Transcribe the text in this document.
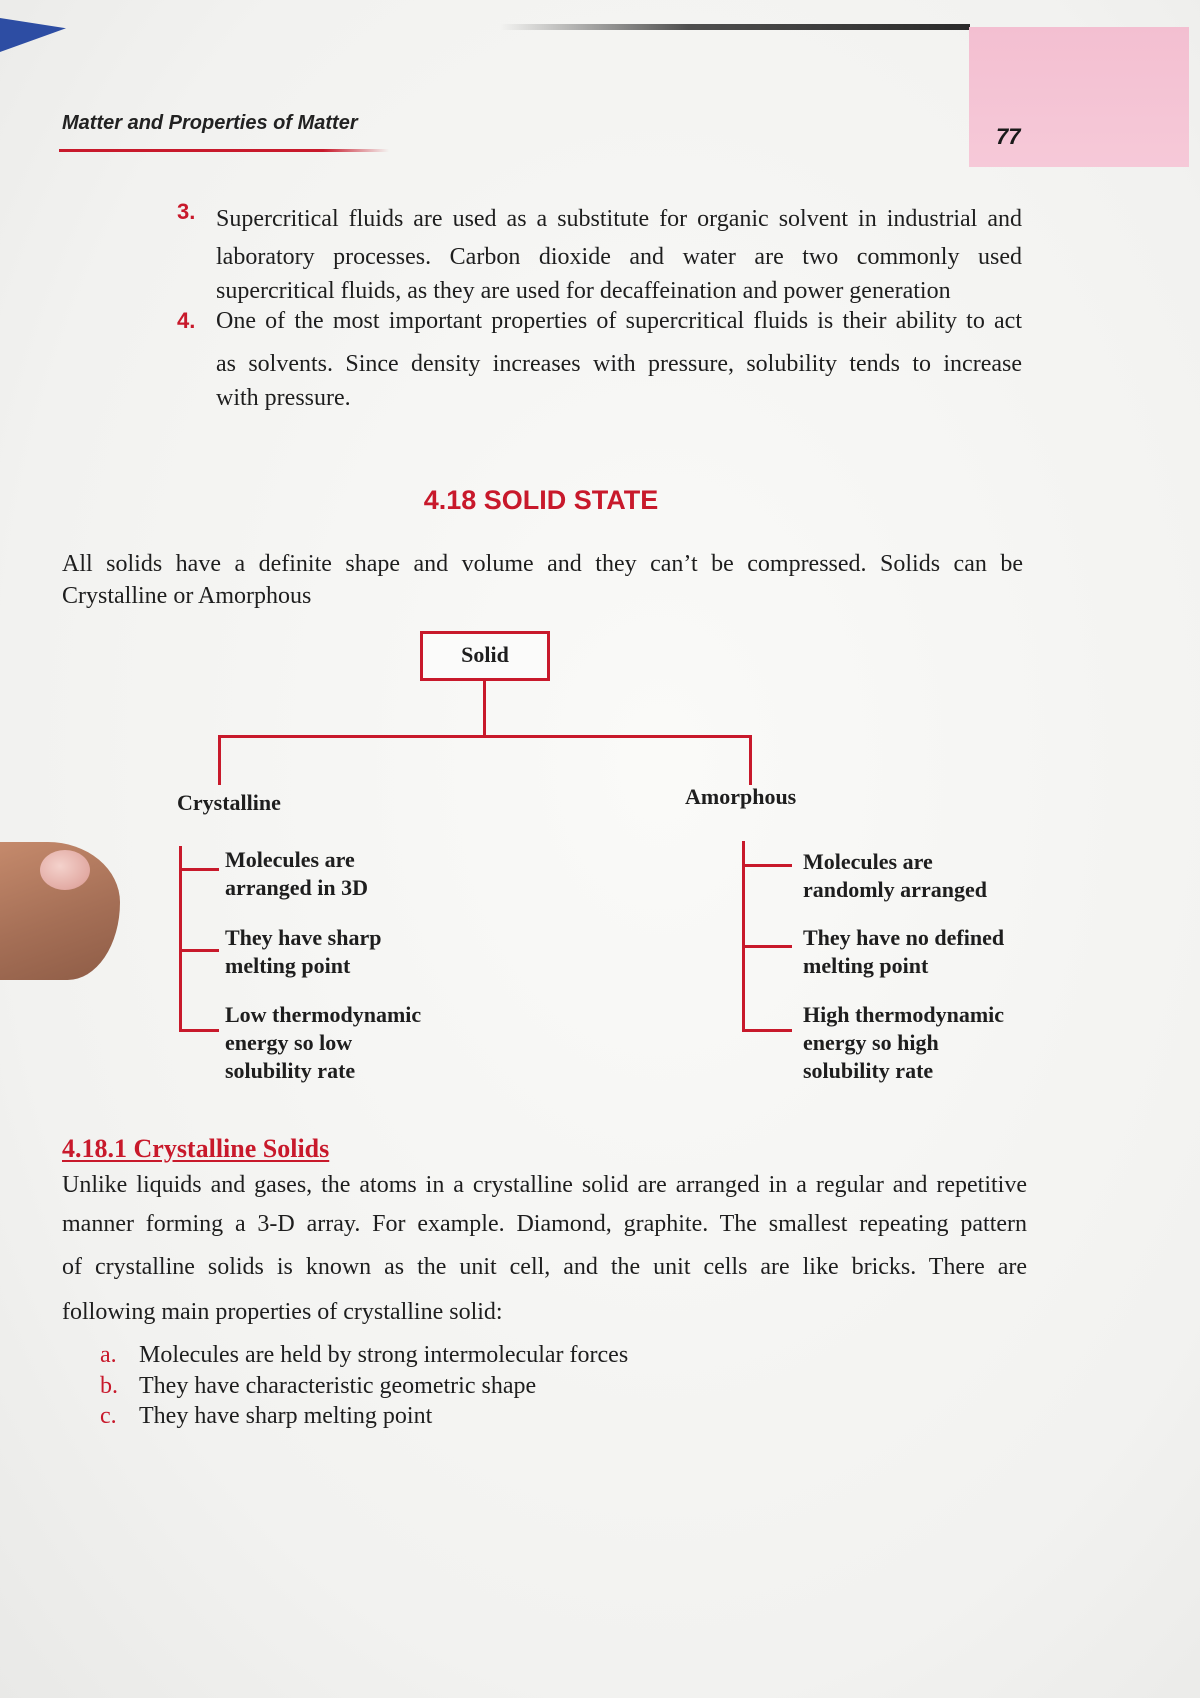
Matter and Properties of Matter
77
3. Supercritical fluids are used as a substitute for organic solvent in industrial and
laboratory processes. Carbon dioxide and water are two commonly used
supercritical fluids, as they are used for decaffeination and power generation
4. One of the most important properties of supercritical fluids is their ability to act
as solvents. Since density increases with pressure, solubility tends to increase
with pressure.
4.18 SOLID STATE
All solids have a definite shape and volume and they can’t be compressed. Solids can be
Crystalline or Amorphous
Solid
Crystalline
Molecules are
arranged in 3D
They have sharp
melting point
Low thermodynamic
energy so low
solubility rate
Amorphous
Molecules are
randomly arranged
They have no defined
melting point
High thermodynamic
energy so high
solubility rate
4.18.1 Crystalline Solids
Unlike liquids and gases, the atoms in a crystalline solid are arranged in a regular and repetitive
manner forming a 3-D array. For example. Diamond, graphite. The smallest repeating pattern
of crystalline solids is known as the unit cell, and the unit cells are like bricks. There are
following main properties of crystalline solid:
a. Molecules are held by strong intermolecular forces
b. They have characteristic geometric shape
c. They have sharp melting point
